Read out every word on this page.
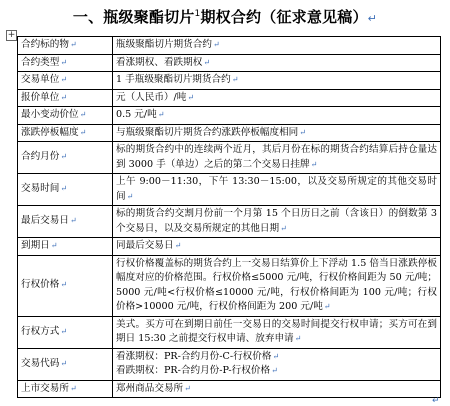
一、瓶级聚酯切片$^1$期权合约（征求意见稿）↵
+
合约标的物↵	瓶级聚酯切片期货合约↵

合约类型↵	看涨期权、看跌期权↵

交易单位↵	1 手瓶级聚酯切片期货合约↵

报价单位↵	元（人民币）/吨↵

最小变动价位↵	0.5 元/吨↵

涨跌停板幅度↵	与瓶级聚酯切片期货合约涨跌停板幅度相同↵

合约月份↵	标的期货合约中的连续两个近月，其后月份在标的期货合约结算后持仓量达到 3000 手（单边）之后的第二个交易日挂牌↵

交易时间↵	上午 9:00－11:30，下午 13:30－15:00，以及交易所规定的其他交易时间↵

最后交易日↵	标的期货合约交割月份前一个月第 15 个日历日之前（含该日）的倒数第 3 个交易日，以及交易所规定的其他日期↵

到期日↵	同最后交易日↵

行权价格↵	行权价格覆盖标的期货合约上一交易日结算价上下浮动 1.5 倍当日涨跌停板幅度对应的价格范围。行权价格≤5000 元/吨，行权价格间距为 50 元/吨；5000 元/吨<行权价格≤10000 元/吨，行权价格间距为 100 元/吨；行权价格>10000 元/吨，行权价格间距为 200 元/吨↵

行权方式↵	美式。买方可在到期日前任一交易日的交易时间提交行权申请；买方可在到期日 15:30 之前提交行权申请、放弃申请↵

交易代码↵	看涨期权：PR-合约月份-C-行权价格↵
看跌期权：PR-合约月份-P-行权价格↵

上市交易所↵	郑州商品交易所↵
↵
